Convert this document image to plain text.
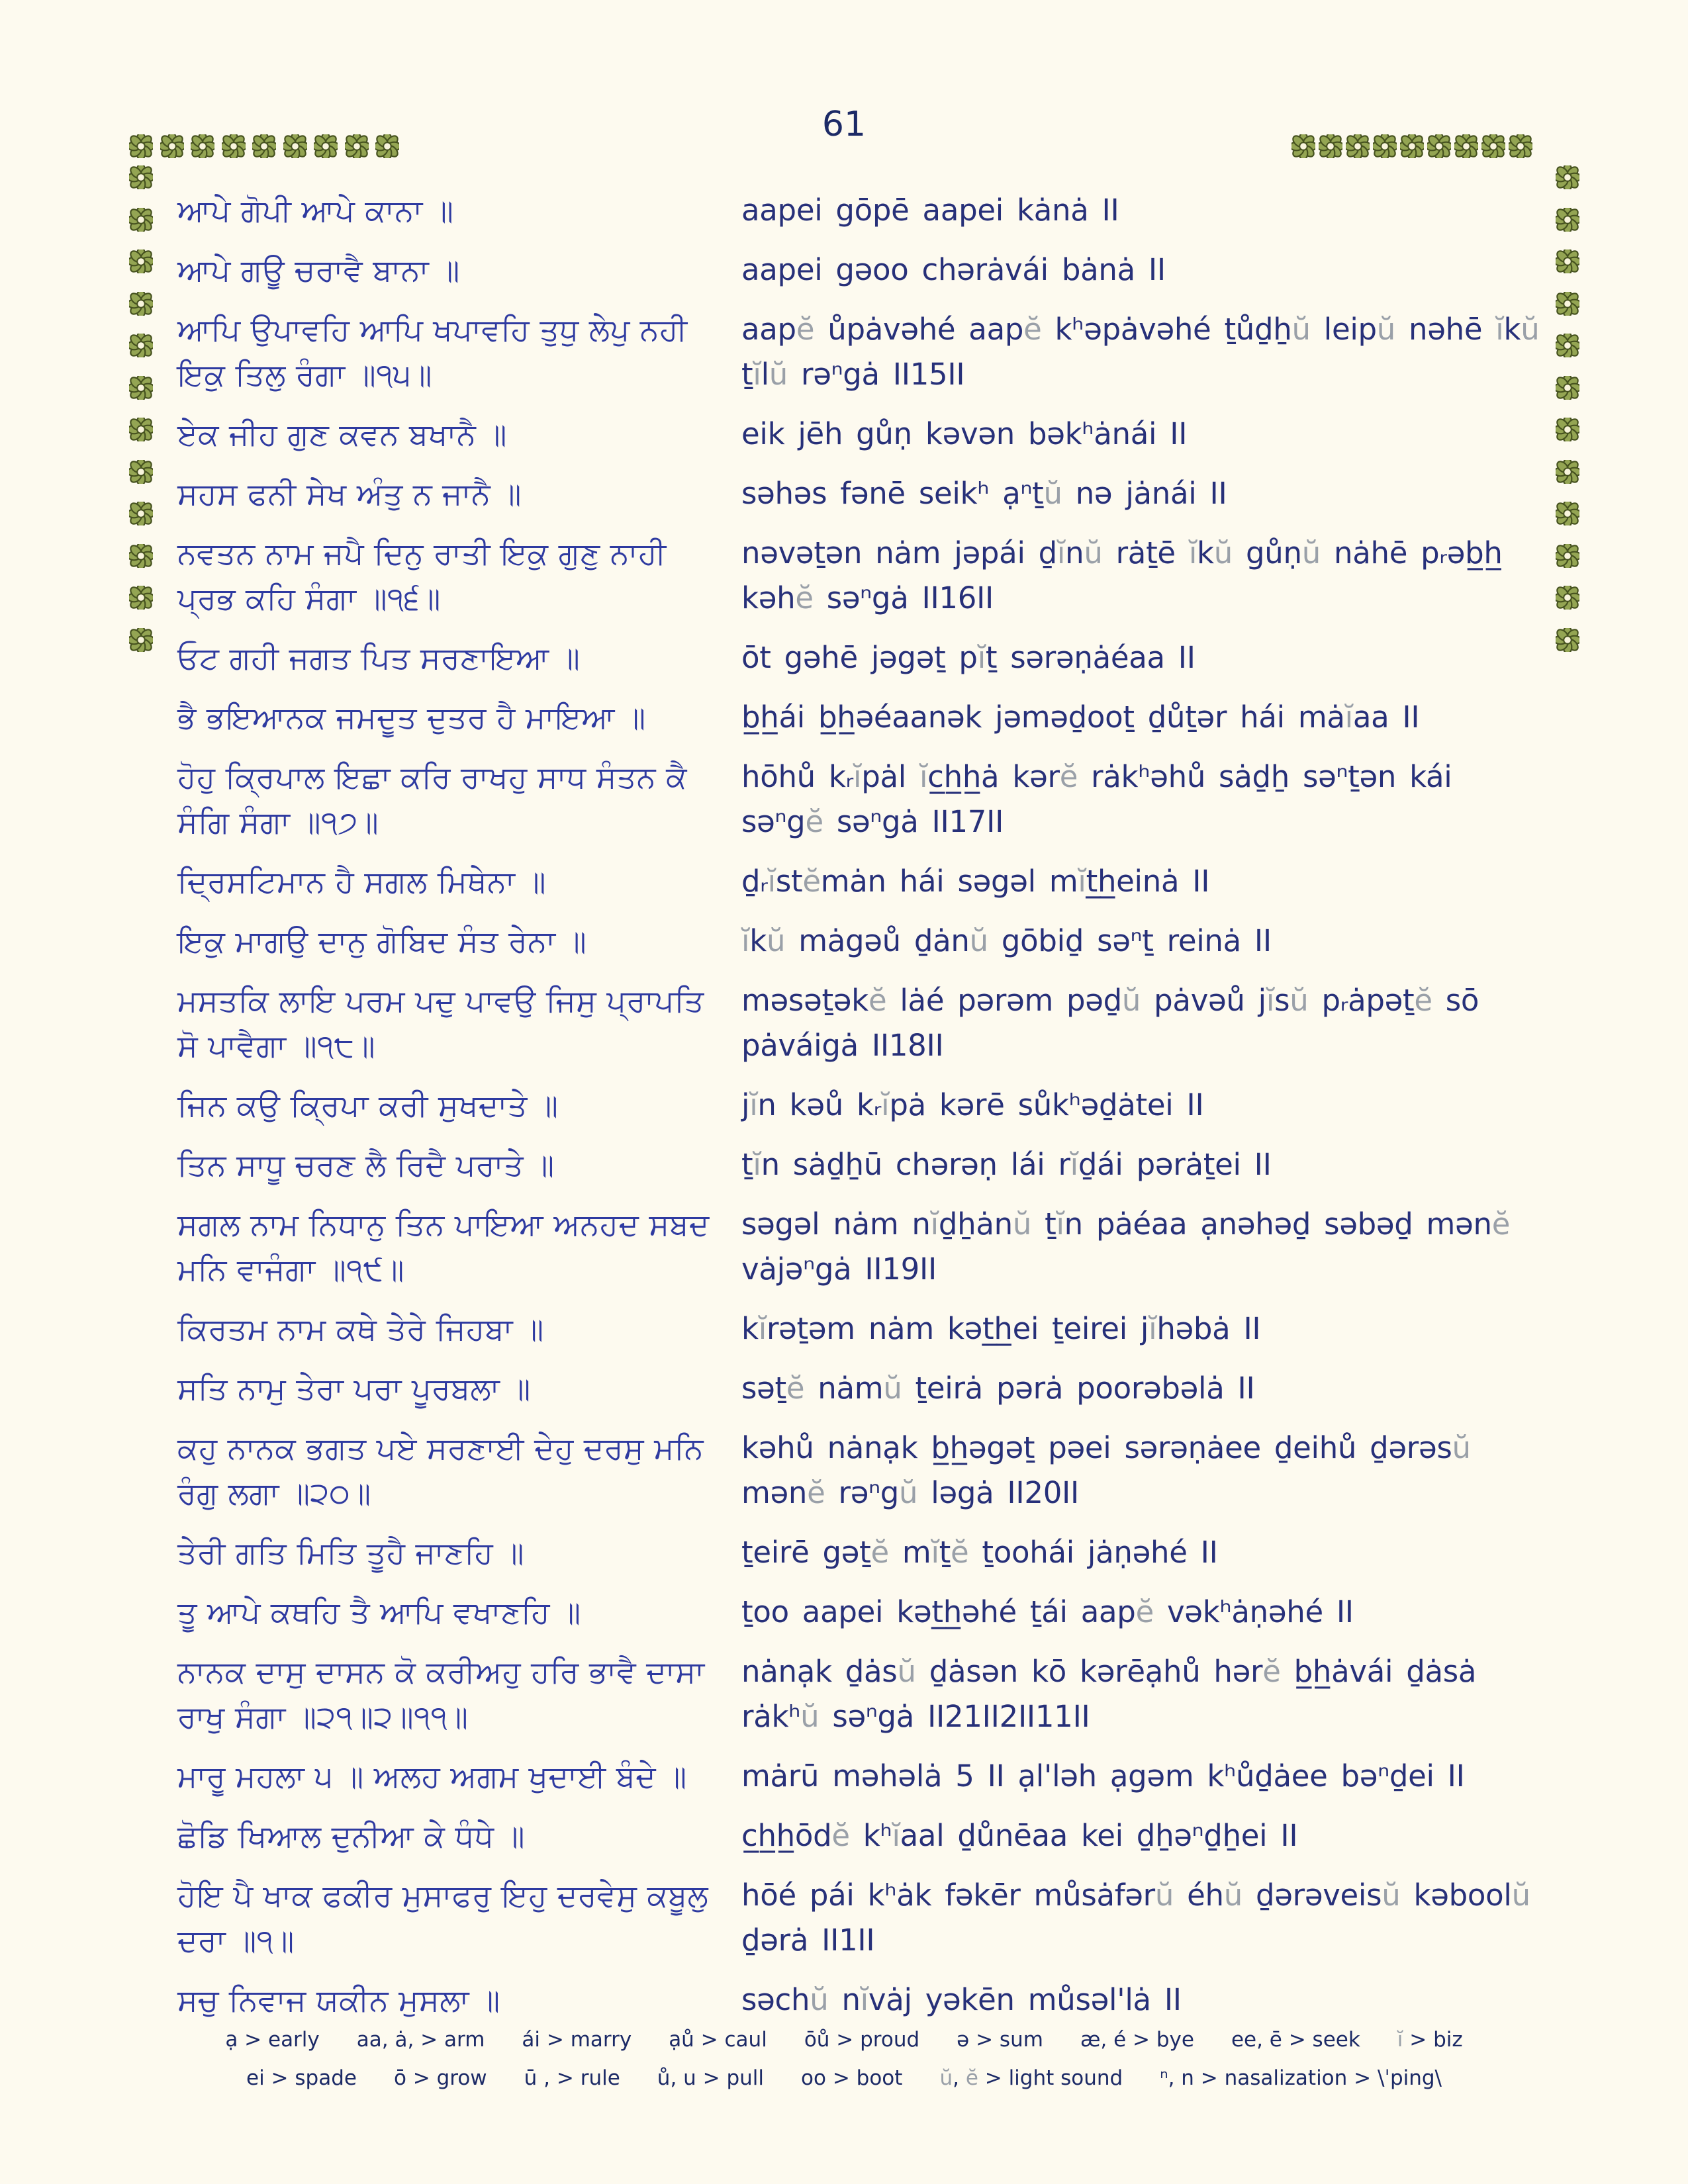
61
ਆਪੇ ਗੋਪੀ ਆਪੇ ਕਾਨਾ ॥	aapei gōpē aapei kȧnȧ II
ਆਪੇ ਗਊ ਚਰਾਵੈ ਬਾਨਾ ॥	aapei gəoo chərȧvái bȧnȧ II
ਆਪਿ ਉਪਾਵਹਿ ਆਪਿ ਖਪਾਵਹਿ ਤੁਧੁ ਲੇਪੁ ਨਹੀ ਇਕੁ ਤਿਲੁ ਰੰਗਾ ॥੧੫॥
aapĕ ůpȧvəhé aapĕ kʰəpȧvəhé ṯůḏẖŭ leipŭ nəhē ĭkŭ ṯĭlŭ rəⁿgȧ II15II
ਏਕ ਜੀਹ ਗੁਣ ਕਵਨ ਬਖਾਨੈ ॥	eik jēh gůṇ kəvən bəkʰȧnái II
ਸਹਸ ਫਨੀ ਸੇਖ ਅੰਤੁ ਨ ਜਾਨੈ ॥	səhəs fənē seikʰ ạⁿṯŭ nə jȧnái II
ਨਵਤਨ ਨਾਮ ਜਪੈ ਦਿਨੁ ਰਾਤੀ ਇਕੁ ਗੁਣੁ ਨਾਹੀ ਪ੍ਰਭ ਕਹਿ ਸੰਗਾ ॥੧੬॥
nəvəṯən nȧm jəpái ḏĭnŭ rȧṯē ĭkŭ gůṇŭ nȧhē pᵣəb̲h̲ kəhĕ səⁿgȧ II16II
ਓਟ ਗਹੀ ਜਗਤ ਪਿਤ ਸਰਣਾਇਆ ॥	ōt gəhē jəgəṯ pĭṯ sərəṇȧéaa II
ਭੈ ਭਇਆਨਕ ਜਮਦੂਤ ਦੁਤਰ ਹੈ ਮਾਇਆ ॥	b̲h̲ái b̲h̲əéaanək jəməḏooṯ ḏůṯər hái mȧĭaa II
ਹੋਹੁ ਕ੍ਰਿਪਾਲ ਇਛਾ ਕਰਿ ਰਾਖਹੁ ਸਾਧ ਸੰਤਨ ਕੈ ਸੰਗਿ ਸੰਗਾ ॥੧੭॥
hōhů kᵣĭpȧl ĭc̲h̲h̲ȧ kərĕ rȧkʰəhů sȧḏẖ səⁿṯən kái səⁿgĕ səⁿgȧ II17II
ਦ੍ਰਿਸਟਿਮਾਨ ਹੈ ਸਗਲ ਮਿਥੇਨਾ ॥	ḏᵣĭstĕmȧn hái səgəl mĭt̲h̲einȧ II
ਇਕੁ ਮਾਗਉ ਦਾਨੁ ਗੋਬਿਦ ਸੰਤ ਰੇਨਾ ॥	ĭkŭ mȧgəů ḏȧnŭ gōbiḏ səⁿṯ reinȧ II
ਮਸਤਕਿ ਲਾਇ ਪਰਮ ਪਦੁ ਪਾਵਉ ਜਿਸੁ ਪ੍ਰਾਪਤਿ ਸੋ ਪਾਵੈਗਾ ॥੧੮॥
məsəṯəkĕ lȧé pərəm pəḏŭ pȧvəů jĭsŭ pᵣȧpəṯĕ sō pȧváigȧ II18II
ਜਿਨ ਕਉ ਕ੍ਰਿਪਾ ਕਰੀ ਸੁਖਦਾਤੇ ॥	jĭn kəů kᵣĭpȧ kərē sůkʰəḏȧtei II
ਤਿਨ ਸਾਧੂ ਚਰਣ ਲੈ ਰਿਦੈ ਪਰਾਤੇ ॥	ṯĭn sȧḏẖū chərəṇ lái rĭḏái pərȧṯei II
ਸਗਲ ਨਾਮ ਨਿਧਾਨੁ ਤਿਨ ਪਾਇਆ ਅਨਹਦ ਸਬਦ ਮਨਿ ਵਾਜੰਗਾ ॥੧੯॥
səgəl nȧm nĭḏẖȧnŭ ṯĭn pȧéaa ạnəhəḏ səbəḏ mənĕ vȧjəⁿgȧ II19II
ਕਿਰਤਮ ਨਾਮ ਕਥੇ ਤੇਰੇ ਜਿਹਬਾ ॥	kĭrəṯəm nȧm kət̲h̲ei ṯeirei jĭhəbȧ II
ਸਤਿ ਨਾਮੁ ਤੇਰਾ ਪਰਾ ਪੂਰਬਲਾ ॥	səṯĕ nȧmŭ ṯeirȧ pərȧ poorəbəlȧ II
ਕਹੁ ਨਾਨਕ ਭਗਤ ਪਏ ਸਰਣਾਈ ਦੇਹੁ ਦਰਸੁ ਮਨਿ ਰੰਗੁ ਲਗਾ ॥੨੦॥
kəhů nȧnạk b̲h̲əgəṯ pəei sərəṇȧee ḏeihů ḏərəsŭ mənĕ rəⁿgŭ ləgȧ II20II
ਤੇਰੀ ਗਤਿ ਮਿਤਿ ਤੂਹੈ ਜਾਣਹਿ ॥	ṯeirē gəṯĕ mĭṯĕ ṯoohái jȧṇəhé II
ਤੂ ਆਪੇ ਕਥਹਿ ਤੈ ਆਪਿ ਵਖਾਣਹਿ ॥	ṯoo aapei kət̲h̲əhé ṯái aapĕ vəkʰȧṇəhé II
ਨਾਨਕ ਦਾਸੁ ਦਾਸਨ ਕੋ ਕਰੀਅਹੁ ਹਰਿ ਭਾਵੈ ਦਾਸਾ ਰਾਖੁ ਸੰਗਾ ॥੨੧॥੨॥੧੧॥
nȧnạk ḏȧsŭ ḏȧsən kō kərēạhů hərĕ b̲h̲ȧvái ḏȧsȧ rȧkʰŭ səⁿgȧ II21II2II11II
ਮਾਰੂ ਮਹਲਾ ੫ ॥ ਅਲਹ ਅਗਮ ਖੁਦਾਈ ਬੰਦੇ ॥	mȧrū məhəlȧ 5 II ạl'ləh ạgəm kʰůḏȧee bəⁿḏei II
ਛੋਡਿ ਖਿਆਲ ਦੁਨੀਆ ਕੇ ਧੰਧੇ ॥	c̲h̲h̲ōdĕ kʰĭaal ḏůnēaa kei ḏẖəⁿḏẖei II
ਹੋਇ ਪੈ ਖਾਕ ਫਕੀਰ ਮੁਸਾਫਰੁ ਇਹੁ ਦਰਵੇਸੁ ਕਬੂਲੁ ਦਰਾ ॥੧॥
hōé pái kʰȧk fəkēr můsȧfərŭ éhŭ ḏərəveisŭ kəboolŭ ḏərȧ II1II
ਸਚੁ ਨਿਵਾਜ ਯਕੀਨ ਮੁਸਲਾ ॥	səchŭ nĭvȧj yəkēn můsəl'lȧ II
ạ > early aa, ȧ, > arm ái > marry ạů > caul ōů > proud ə > sum æ, é > bye ee, ē > seek ĭ > biz
ei > spade ō > grow ū , > rule ů, u > pull oo > boot ŭ, ĕ > light sound ⁿ, n > nasalization > \ˈping\
